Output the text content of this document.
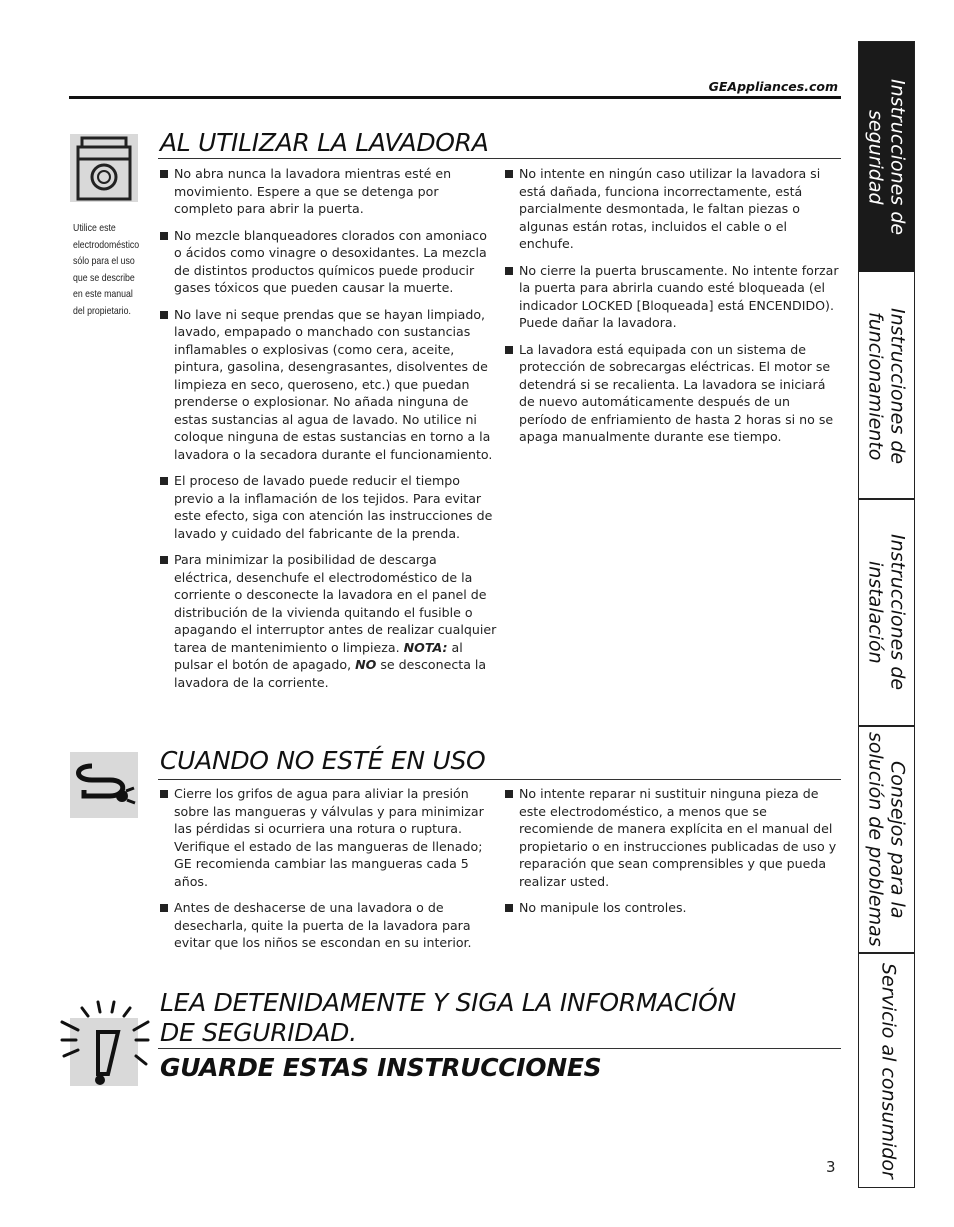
GEAppliances.com
AL UTILIZAR LA LAVADORA
Utilice este electrodoméstico sólo para el uso que se describe en este manual del propietario.
No abra nunca la lavadora mientras esté en movimiento. Espere a que se detenga por completo para abrir la puerta.
No mezcle blanqueadores clorados con amoniaco o ácidos como vinagre o desoxidantes. La mezcla de distintos productos químicos puede producir gases tóxicos que pueden causar la muerte.
No lave ni seque prendas que se hayan limpiado, lavado, empapado o manchado con sustancias inflamables o explosivas (como cera, aceite, pintura, gasolina, desengrasantes, disolventes de limpieza en seco, queroseno, etc.) que puedan prenderse o explosionar. No añada ninguna de estas sustancias al agua de lavado. No utilice ni coloque ninguna de estas sustancias en torno a la lavadora o la secadora durante el funcionamiento.
El proceso de lavado puede reducir el tiempo previo a la inflamación de los tejidos. Para evitar este efecto, siga con atención las instrucciones de lavado y cuidado del fabricante de la prenda.
Para minimizar la posibilidad de descarga eléctrica, desenchufe el electrodoméstico de la corriente o desconecte la lavadora en el panel de distribución de la vivienda quitando el fusible o apagando el interruptor antes de realizar cualquier tarea de mantenimiento o limpieza. NOTA: al pulsar el botón de apagado, NO se desconecta la lavadora de la corriente.
No intente en ningún caso utilizar la lavadora si está dañada, funciona incorrectamente, está parcialmente desmontada, le faltan piezas o algunas están rotas, incluidos el cable o el enchufe.
No cierre la puerta bruscamente. No intente forzar la puerta para abrirla cuando esté bloqueada (el indicador LOCKED [Bloqueada] está ENCENDIDO). Puede dañar la lavadora.
La lavadora está equipada con un sistema de protección de sobrecargas eléctricas. El motor se detendrá si se recalienta. La lavadora se iniciará de nuevo automáticamente después de un período de enfriamiento de hasta 2 horas si no se apaga manualmente durante ese tiempo.
CUANDO NO ESTÉ EN USO
Cierre los grifos de agua para aliviar la presión sobre las mangueras y válvulas y para minimizar las pérdidas si ocurriera una rotura o ruptura. Verifique el estado de las mangueras de llenado; GE recomienda cambiar las mangueras cada 5 años.
Antes de deshacerse de una lavadora o de desecharla, quite la puerta de la lavadora para evitar que los niños se escondan en su interior.
No intente reparar ni sustituir ninguna pieza de este electrodoméstico, a menos que se recomiende de manera explícita en el manual del propietario o en instrucciones publicadas de uso y reparación que sean comprensibles y que pueda realizar usted.
No manipule los controles.
LEA DETENIDAMENTE Y SIGA LA INFORMACIÓN
DE SEGURIDAD.
GUARDE ESTAS INSTRUCCIONES
Instrucciones de seguridad
Instrucciones de funcionamiento
Instrucciones de instalación
Consejos para la solución de problemas
Servicio al consumidor
3
